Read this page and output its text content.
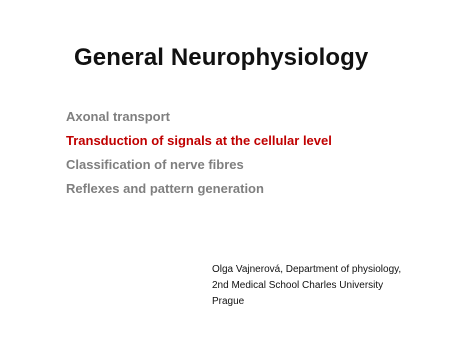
General Neurophysiology
Axonal transport
Transduction of signals at the cellular level
Classification of nerve fibres
Reflexes and pattern generation
Olga Vajnerová, Department of physiology,
2nd Medical School Charles University
Prague
